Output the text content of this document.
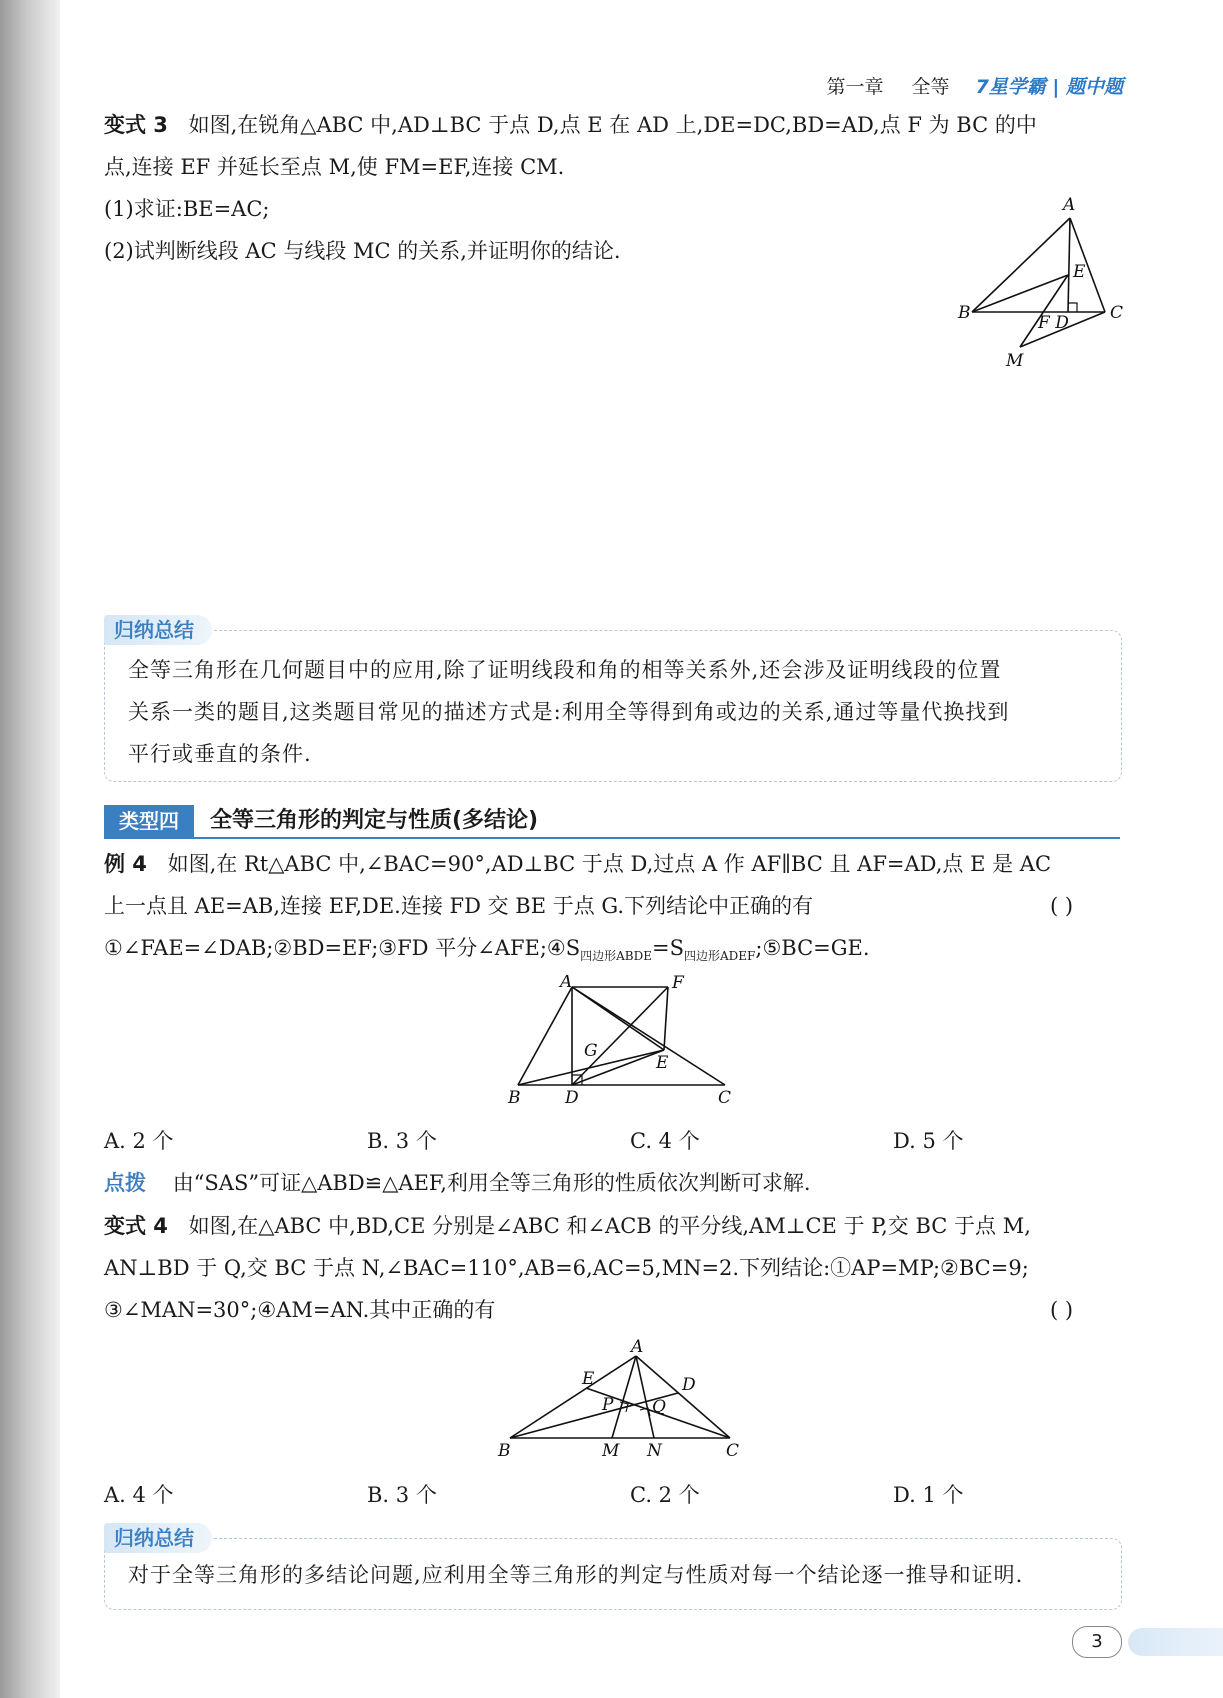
第一章 全等 7星学霸 | 题中题
变式 3 如图,在锐角△ABC 中,AD⊥BC 于点 D,点 E 在 AD 上,DE=DC,BD=AD,点 F 为 BC 的中
点,连接 EF 并延长至点 M,使 FM=EF,连接 CM.
(1)求证:BE=AC;
(2)试判断线段 AC 与线段 MC 的关系,并证明你的结论.
A
B	C
E
F D
M
归纳总结
全等三角形在几何题目中的应用,除了证明线段和角的相等关系外,还会涉及证明线段的位置
关系一类的题目,这类题目常见的描述方式是:利用全等得到角或边的关系,通过等量代换找到
平行或垂直的条件.
类型四	全等三角形的判定与性质(多结论)
例 4 如图,在 Rt△ABC 中,∠BAC=90°,AD⊥BC 于点 D,过点 A 作 AF∥BC 且 AF=AD,点 E 是 AC
上一点且 AE=AB,连接 EF,DE.连接 FD 交 BE 于点 G.下列结论中正确的有	( )
①∠FAE=∠DAB;②BD=EF;③FD 平分$\angle AFE;④S_{四边形ABDE}=S_{四边形ADEF};⑤BC=GE$.
A	F
G
E
B	D	C
A. 2 个	B. 3 个	C. 4 个	D. 5 个
点拨 由“SAS”可证△ABD≌△AEF,利用全等三角形的性质依次判断可求解.
变式 4 如图,在△ABC 中,BD,CE 分别是∠ABC 和∠ACB 的平分线,AM⊥CE 于 P,交 BC 于点 M,
AN⊥BD 于 Q,交 BC 于点 N,∠BAC=110°,AB=6,AC=5,MN=2.下列结论:①AP=MP;②BC=9;
③∠MAN=30°;④AM=AN.其中正确的有	( )
A
E	D
P Q
B	M N	C
A. 4 个	B. 3 个	C. 2 个	D. 1 个
归纳总结
对于全等三角形的多结论问题,应利用全等三角形的判定与性质对每一个结论逐一推导和证明.
3
